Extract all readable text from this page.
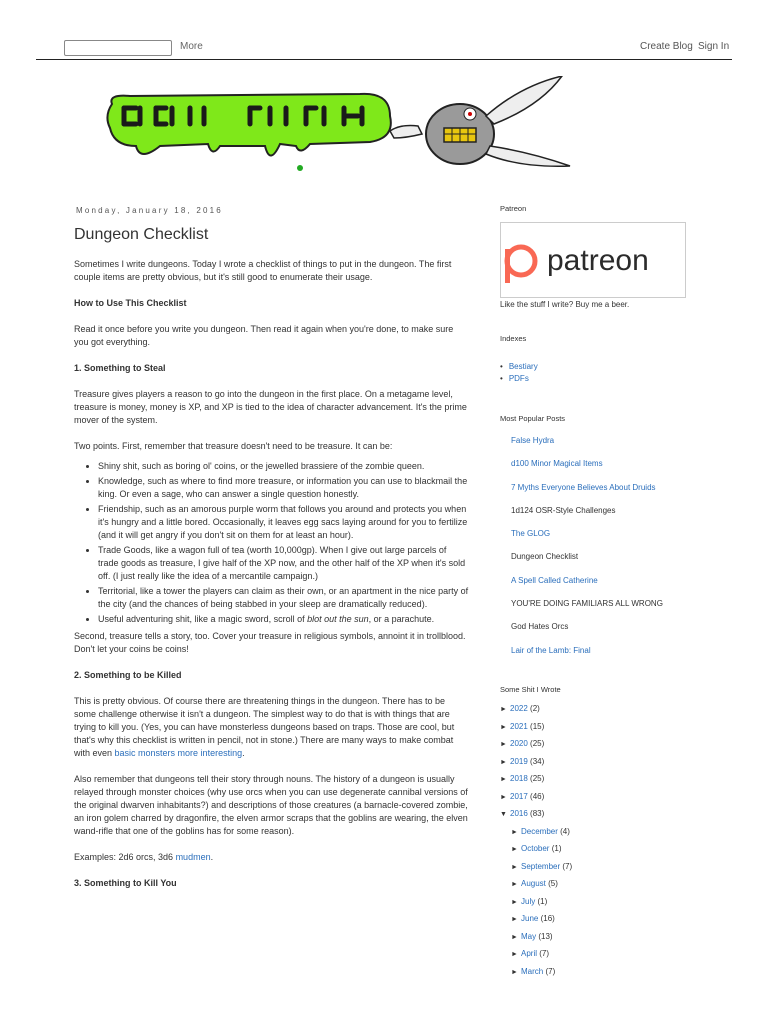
More	Create Blog Sign In
Monday, January 18, 2016
Dungeon Checklist

Sometimes I write dungeons. Today I wrote a checklist of things to put in the dungeon. The first couple items are pretty obvious, but it's still good to enumerate their usage.

How to Use This Checklist

Read it once before you write you dungeon. Then read it again when you're done, to make sure you got everything.

1. Something to Steal

Treasure gives players a reason to go into the dungeon in the first place. On a metagame level, treasure is money, money is XP, and XP is tied to the idea of character advancement. It's the prime mover of the system.

Two points. First, remember that treasure doesn't need to be treasure. It can be:

• Shiny shit, such as boring ol' coins, or the jewelled brassiere of the zombie queen.
• Knowledge, such as where to find more treasure, or information you can use to blackmail the king. Or even a sage, who can answer a single question honestly.
• Friendship, such as an amorous purple worm that follows you around and protects you when it's hungry and a little bored. Occasionally, it leaves egg sacs laying around for you to fertilize (and it will get angry if you don't sit on them for at least an hour).
• Trade Goods, like a wagon full of tea (worth 10,000gp). When I give out large parcels of trade goods as treasure, I give half of the XP now, and the other half of the XP when it's sold off. (I just really like the idea of a mercantile campaign.)
• Territorial, like a tower the players can claim as their own, or an apartment in the nice party of the city (and the chances of being stabbed in your sleep are dramatically reduced).
• Useful adventuring shit, like a magic sword, scroll of blot out the sun, or a parachute.

Second, treasure tells a story, too. Cover your treasure in religious symbols, annoint it in trollblood. Don't let your coins be coins!

2. Something to be Killed

This is pretty obvious. Of course there are threatening things in the dungeon. There has to be some challenge otherwise it isn't a dungeon. The simplest way to do that is with things that are trying to kill you. (Yes, you can have monsterless dungeons based on traps. Those are cool, but that's why this checklist is written in pencil, not in stone.) There are many ways to make combat with even basic monsters more interesting.

Also remember that dungeons tell their story through nouns. The history of a dungeon is usually relayed through monster choices (why use orcs when you can use degenerate cannibal versions of the original dwarven inhabitants?) and descriptions of those creatures (a barnacle-covered zombie, an iron golem charred by dragonfire, the elven armor scraps that the goblins are wearing, the elven wand-rifle that one of the goblins has for some reason).

Examples: 2d6 orcs, 3d6 mudmen.

3. Something to Kill You

Patreon

patreon
Like the stuff I write? Buy me a beer.

Indexes

• Bestiary
• PDFs

Most Popular Posts

False Hydra
d100 Minor Magical Items
7 Myths Everyone Believes About Druids
1d124 OSR-Style Challenges
The GLOG
Dungeon Checklist
A Spell Called Catherine
YOU'RE DOING FAMILIARS ALL WRONG
God Hates Orcs
Lair of the Lamb: Final

Some Shit I Wrote

► 2022 (2)
► 2021 (15)
► 2020 (25)
► 2019 (34)
► 2018 (25)
► 2017 (46)
▼ 2016 (83)
► December (4)
► October (1)
► September (7)
► August (5)
► July (1)
► June (16)
► May (13)
► April (7)
► March (7)
